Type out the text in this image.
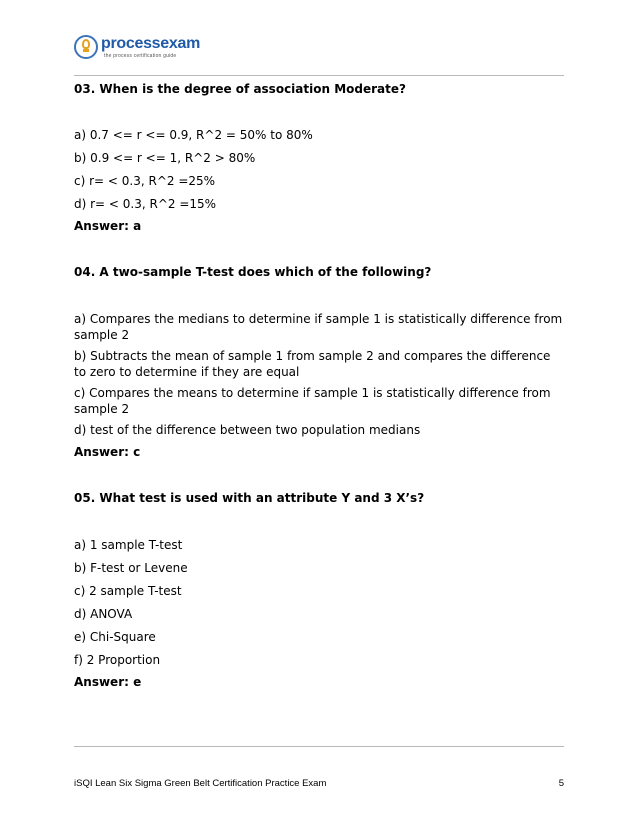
processexam
the process certification guide

03. When is the degree of association Moderate?

a) 0.7 <= r <= 0.9, R^2 = 50% to 80%

b) 0.9 <= r <= 1, R^2 > 80%

c) r= < 0.3, R^2 =25%

d) r= < 0.3, R^2 =15%

Answer: a

04. A two-sample T-test does which of the following?

a) Compares the medians to determine if sample 1 is statistically difference from sample 2

b) Subtracts the mean of sample 1 from sample 2 and compares the difference to zero to determine if they are equal

c) Compares the means to determine if sample 1 is statistically difference from sample 2

d) test of the difference between two population medians

Answer: c

05. What test is used with an attribute Y and 3 X’s?

a) 1 sample T-test

b) F-test or Levene

c) 2 sample T-test

d) ANOVA

e) Chi-Square

f) 2 Proportion

Answer: e

iSQI Lean Six Sigma Green Belt Certification Practice Exam	5
